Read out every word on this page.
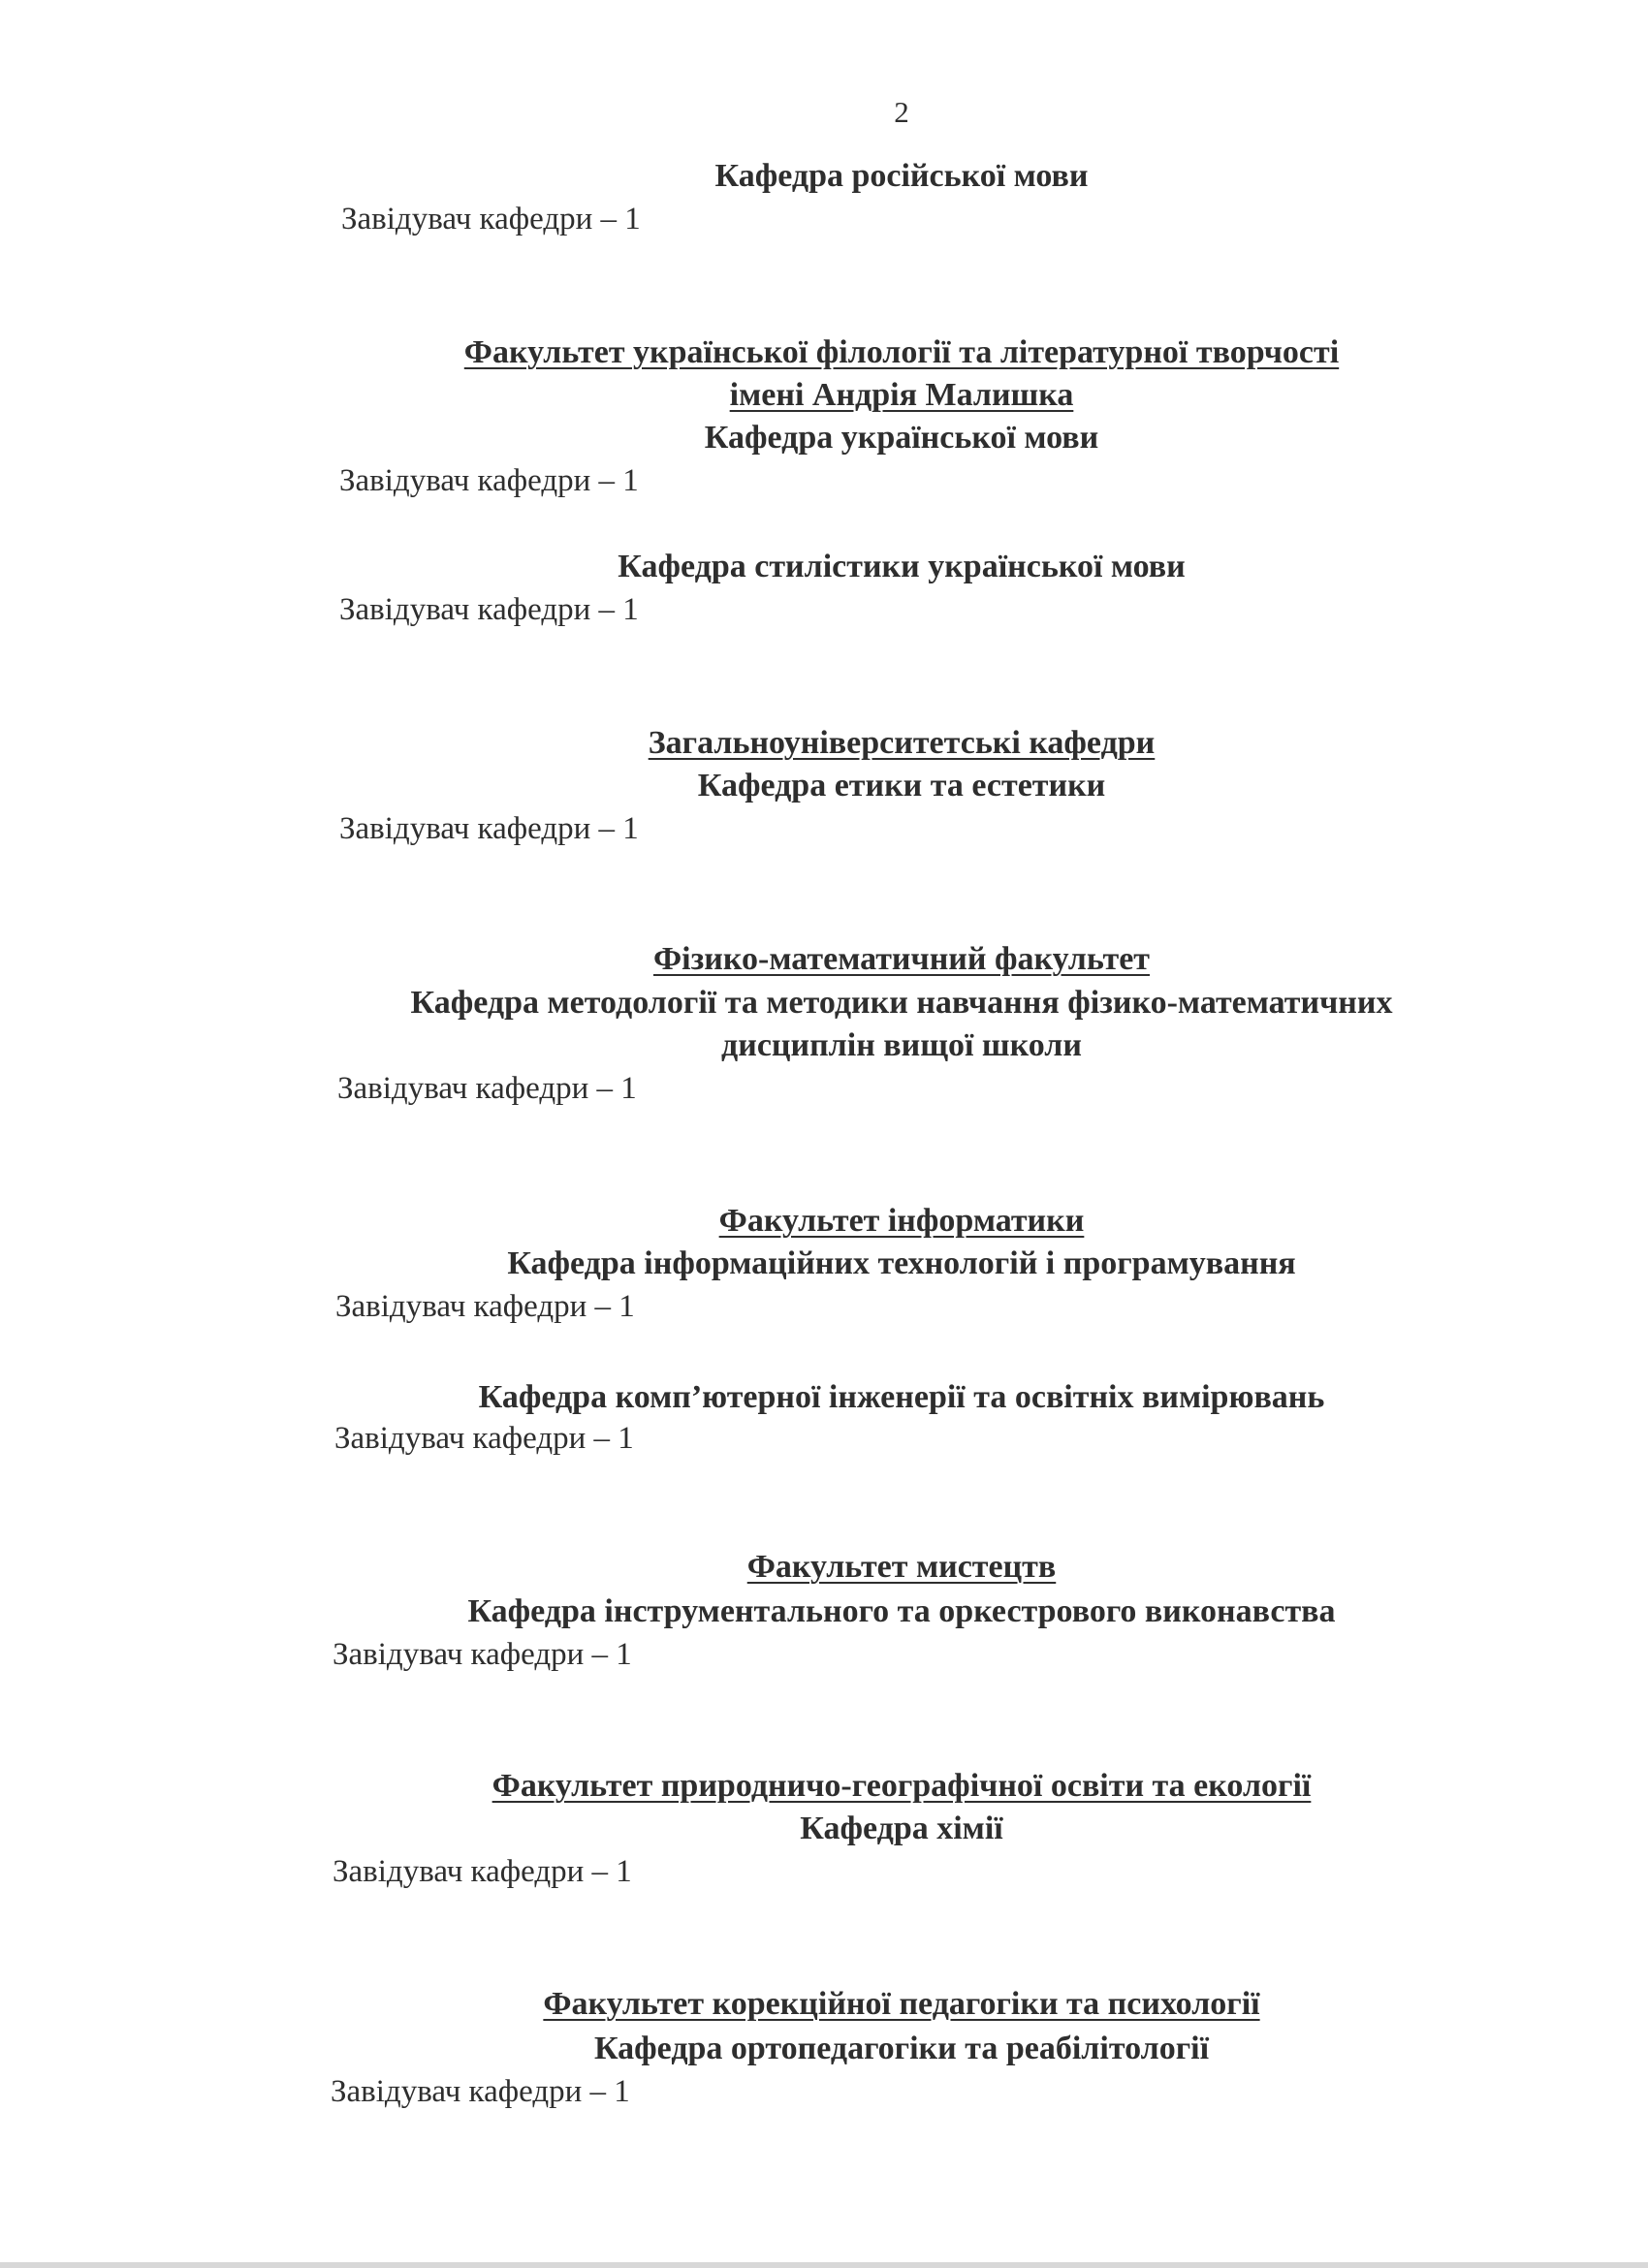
2
Кафедра російської мови
Завідувач кафедри – 1
Факультет української філології та літературної творчості
імені Андрія Малишка
Кафедра української мови
Завідувач кафедри – 1
Кафедра стилістики української мови
Завідувач кафедри – 1
Загальноуніверситетські кафедри
Кафедра етики та естетики
Завідувач кафедри – 1
Фізико-математичний факультет
Кафедра методології та методики навчання фізико-математичних
дисциплін вищої школи
Завідувач кафедри – 1
Факультет інформатики
Кафедра інформаційних технологій і програмування
Завідувач кафедри – 1
Кафедра комп’ютерної інженерії та освітніх вимірювань
Завідувач кафедри – 1
Факультет мистецтв
Кафедра інструментального та оркестрового виконавства
Завідувач кафедри – 1
Факультет природничо-географічної освіти та екології
Кафедра хімії
Завідувач кафедри – 1
Факультет корекційної педагогіки та психології
Кафедра ортопедагогіки та реабілітології
Завідувач кафедри – 1
